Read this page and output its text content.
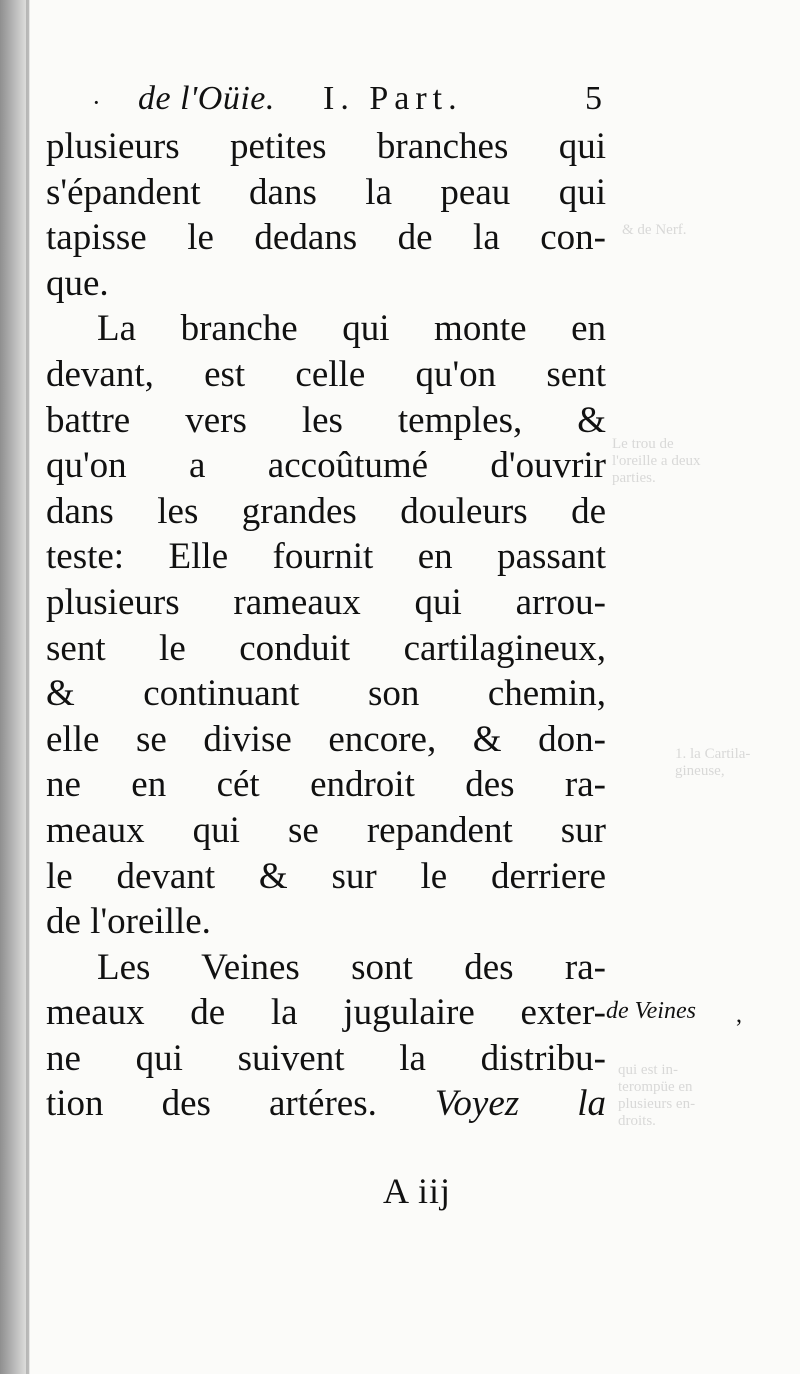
& de Nerf.
Le trou de
l'oreille a deux
parties.
1. la Cartila-
gineuse,
qui est in-
terompüe en
plusieurs en-
droits.
· de l'Oüie. I. Part.	5
plusieurs petites branches qui
s'épandent dans la peau qui
tapisse le dedans de la con-
que.
La branche qui monte en
devant, est celle qu'on sent
battre vers les temples, &
qu'on a accoûtumé d'ouvrir
dans les grandes douleurs de
teste: Elle fournit en passant
plusieurs rameaux qui arrou-
sent le conduit cartilagineux,
& continuant son chemin,
elle se divise encore, & don-
ne en cét endroit des ra-
meaux qui se repandent sur
le devant & sur le derriere
de l'oreille.
Les Veines sont des ra-
meaux de la jugulaire exter-
ne qui suivent la distribu-
tion des artéres. Voyez la
de Veines ,
A iij
